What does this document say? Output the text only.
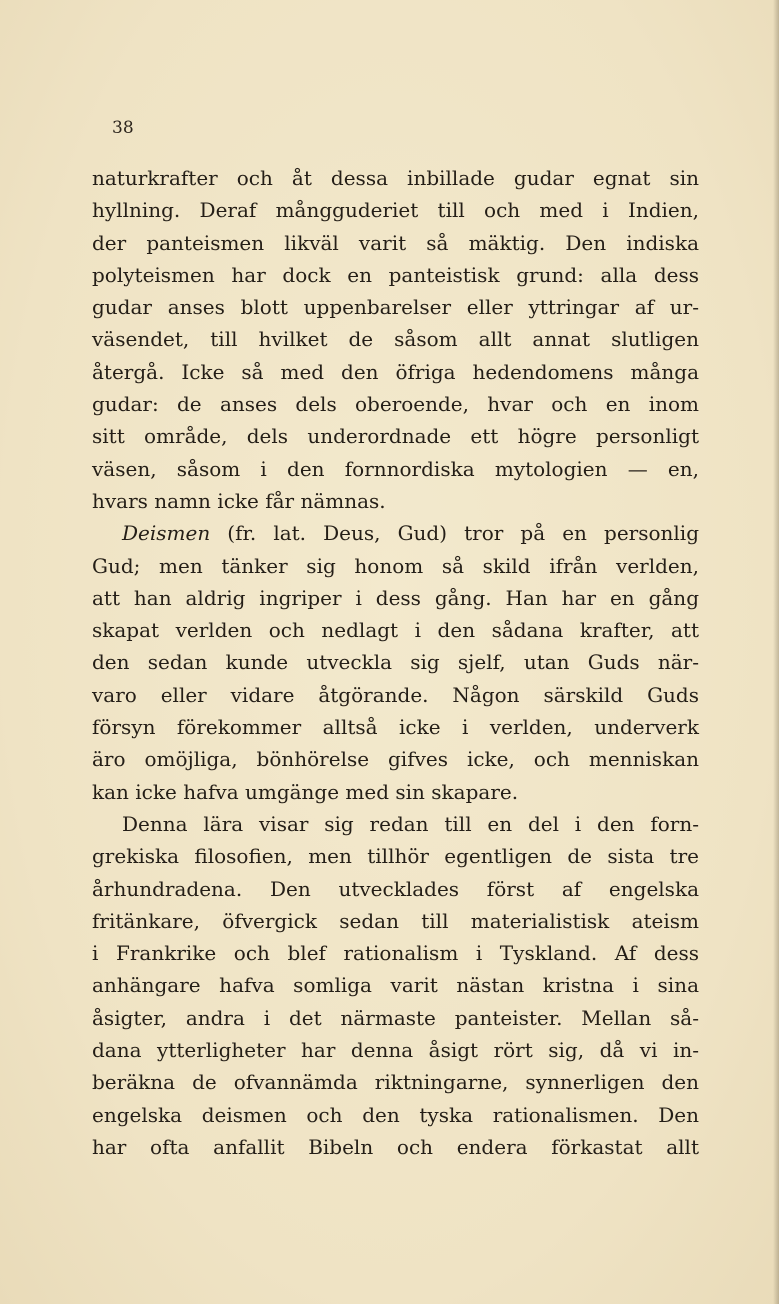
38
naturkrafter och åt dessa inbillade gudar egnat sin
hyllning. Deraf mångguderiet till och med i Indien,
der panteismen likväl varit så mäktig. Den indiska
polyteismen har dock en panteistisk grund: alla dess
gudar anses blott uppenbarelser eller yttringar af ur-
väsendet, till hvilket de såsom allt annat slutligen
återgå. Icke så med den öfriga hedendomens många
gudar: de anses dels oberoende, hvar och en inom
sitt område, dels underordnade ett högre personligt
väsen, såsom i den fornnordiska mytologien — en,
hvars namn icke får nämnas.
Deismen (fr. lat. Deus, Gud) tror på en personlig
Gud; men tänker sig honom så skild ifrån verlden,
att han aldrig ingriper i dess gång. Han har en gång
skapat verlden och nedlagt i den sådana krafter, att
den sedan kunde utveckla sig sjelf, utan Guds när-
varo eller vidare åtgörande. Någon särskild Guds
försyn förekommer alltså icke i verlden, underverk
äro omöjliga, bönhörelse gifves icke, och menniskan
kan icke hafva umgänge med sin skapare.
Denna lära visar sig redan till en del i den forn-
grekiska filosofien, men tillhör egentligen de sista tre
århundradena. Den utvecklades först af engelska
fritänkare, öfvergick sedan till materialistisk ateism
i Frankrike och blef rationalism i Tyskland. Af dess
anhängare hafva somliga varit nästan kristna i sina
åsigter, andra i det närmaste panteister. Mellan så-
dana ytterligheter har denna åsigt rört sig, då vi in-
beräkna de ofvannämda riktningarne, synnerligen den
engelska deismen och den tyska rationalismen. Den
har ofta anfallit Bibeln och endera förkastat allt
